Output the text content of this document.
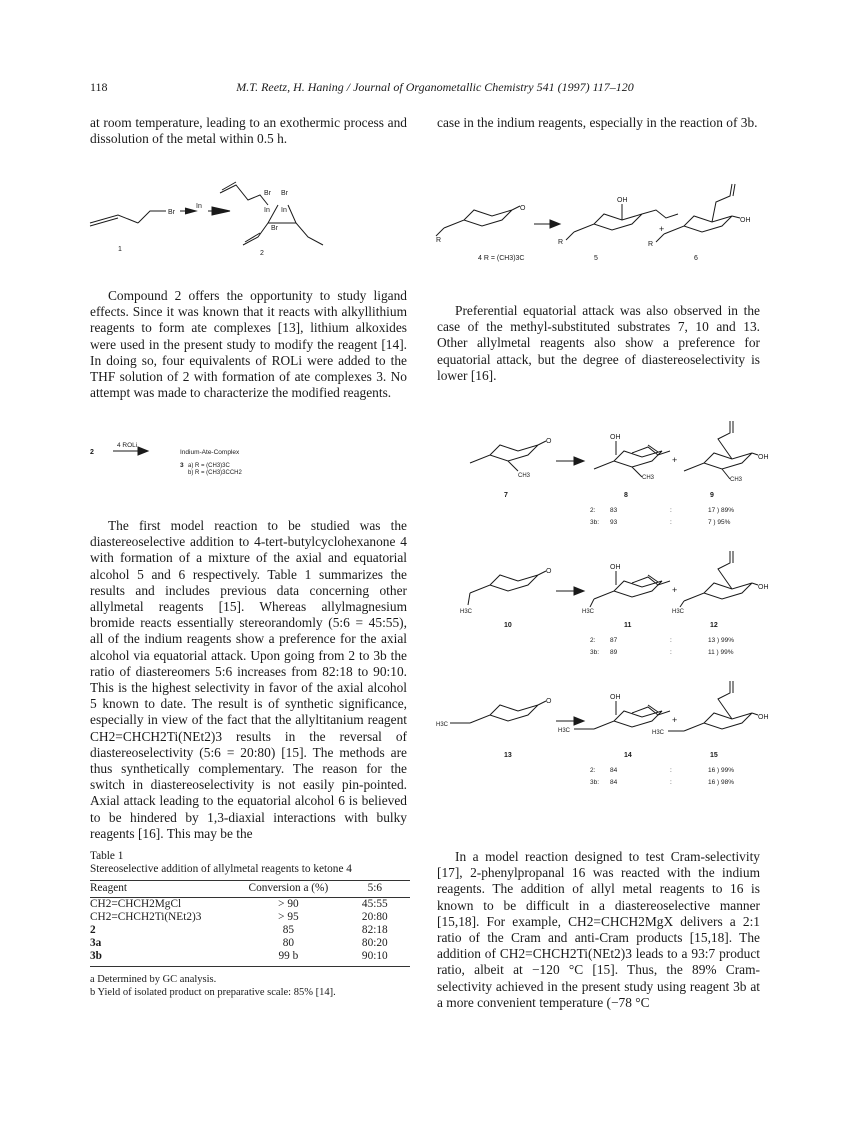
118	M.T. Reetz, H. Haning / Journal of Organometallic Chemistry 541 (1997) 117–120

at room temperature, leading to an exothermic process and dissolution of the metal within 0.5 h.

case in the indium reagents, especially in the reaction of 3b.

Br
In
Br Br
In In
Br
1
2
O
OH
R	R	R
OH
+
4 R = (CH3)3C	5	6

Compound 2 offers the opportunity to study ligand effects. Since it was known that it reacts with alkyllithium reagents to form ate complexes [13], lithium alkoxides were used in the present study to modify the reagent [14]. In doing so, four equivalents of ROLi were added to the THF solution of 2 with formation of ate complexes 3. No attempt was made to characterize the modified reagents.

Preferential equatorial attack was also observed in the case of the methyl-substituted substrates 7, 10 and 13. Other allylmetal reagents also show a preference for equatorial attack, but the degree of diastereoselectivity is lower [16].

2
4 ROLi
Indium-Ate-Complex
3 a) R = (CH3)3C
b) R = (CH3)3CCH2

The first model reaction to be studied was the diastereoselective addition to 4-tert-butylcyclohexanone 4 with formation of a mixture of the axial and equatorial alcohol 5 and 6 respectively. Table 1 summarizes the results and includes previous data concerning other allylmetal reagents [15]. Whereas allylmagnesium bromide reacts essentially stereorandomly (5:6 = 45:55), all of the indium reagents show a preference for the axial alcohol via equatorial attack. Upon going from 2 to 3b the ratio of diastereomers 5:6 increases from 82:18 to 90:10. This is the highest selectivity in favor of the axial alcohol 5 known to date. The result is of synthetic significance, especially in view of the fact that the allyltitanium reagent CH2=CHCH2Ti(NEt2)3 results in the reversal of diastereoselectivity (5:6 = 20:80) [15]. The methods are thus synthetically complementary. The reason for the switch in diastereoselectivity is not easily pin-pointed. Axial attack leading to the equatorial alcohol 6 is believed to be hindered by 1,3-diaxial interactions with bulky reagents [16]. This may be the

O
OH
+	OH
CH3	CH3	CH3
7	8	9
2: 83	:	17 ) 89%
3b: 93	:	7 ) 95%
O
OH
+	OH
H3C	H3C	H3C
10	11	12
2: 87	:	13 ) 99%
3b: 89	:	11 ) 99%
O
OH
+	OH
H3C
H3C	H3C
13	14	15
2: 84	:	16 ) 99%
3b: 84	:	16 ) 98%
Table 1
Stereoselective addition of allylmetal reagents to ketone 4
Reagent	Conversion a (%)	5:6
CH2=CHCH2MgCl	> 90	45:55
CH2=CHCH2Ti(NEt2)3	> 95	20:80
2	85	82:18
3a	80	80:20
3b	99 b	90:10
a Determined by GC analysis.
b Yield of isolated product on preparative scale: 85% [14].

In a model reaction designed to test Cram-selectivity [17], 2-phenylpropanal 16 was reacted with the indium reagents. The addition of allyl metal reagents to 16 is known to be difficult in a diastereoselective manner [15,18]. For example, CH2=CHCH2MgX delivers a 2:1 ratio of the Cram and anti-Cram products [15,18]. The addition of CH2=CHCH2Ti(NEt2)3 leads to a 93:7 product ratio, albeit at −120 °C [15]. Thus, the 89% Cram-selectivity achieved in the present study using reagent 3b at a more convenient temperature (−78 °C
